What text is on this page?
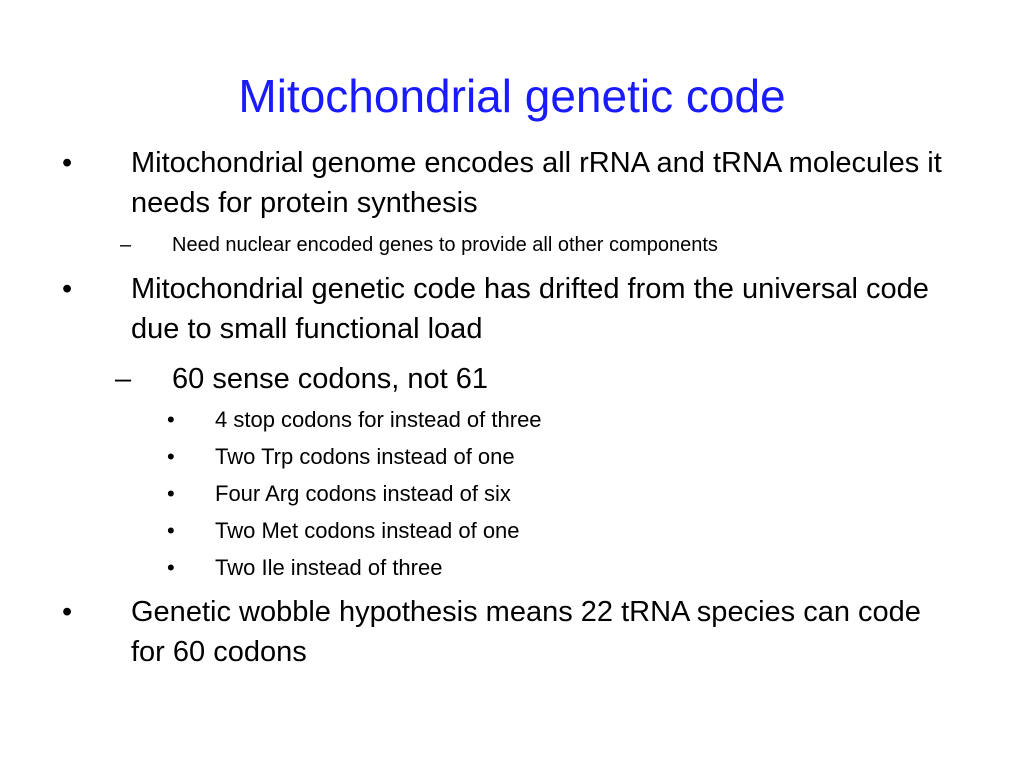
Mitochondrial genetic code
• Mitochondrial genome encodes all rRNA and tRNA molecules it needs for protein synthesis
– Need nuclear encoded genes to provide all other components
• Mitochondrial genetic code has drifted from the universal code due to small functional load
– 60 sense codons, not 61
• 4 stop codons for instead of three
• Two Trp codons instead of one
• Four Arg codons instead of six
• Two Met codons instead of one
• Two Ile instead of three
• Genetic wobble hypothesis means 22 tRNA species can code for 60 codons
